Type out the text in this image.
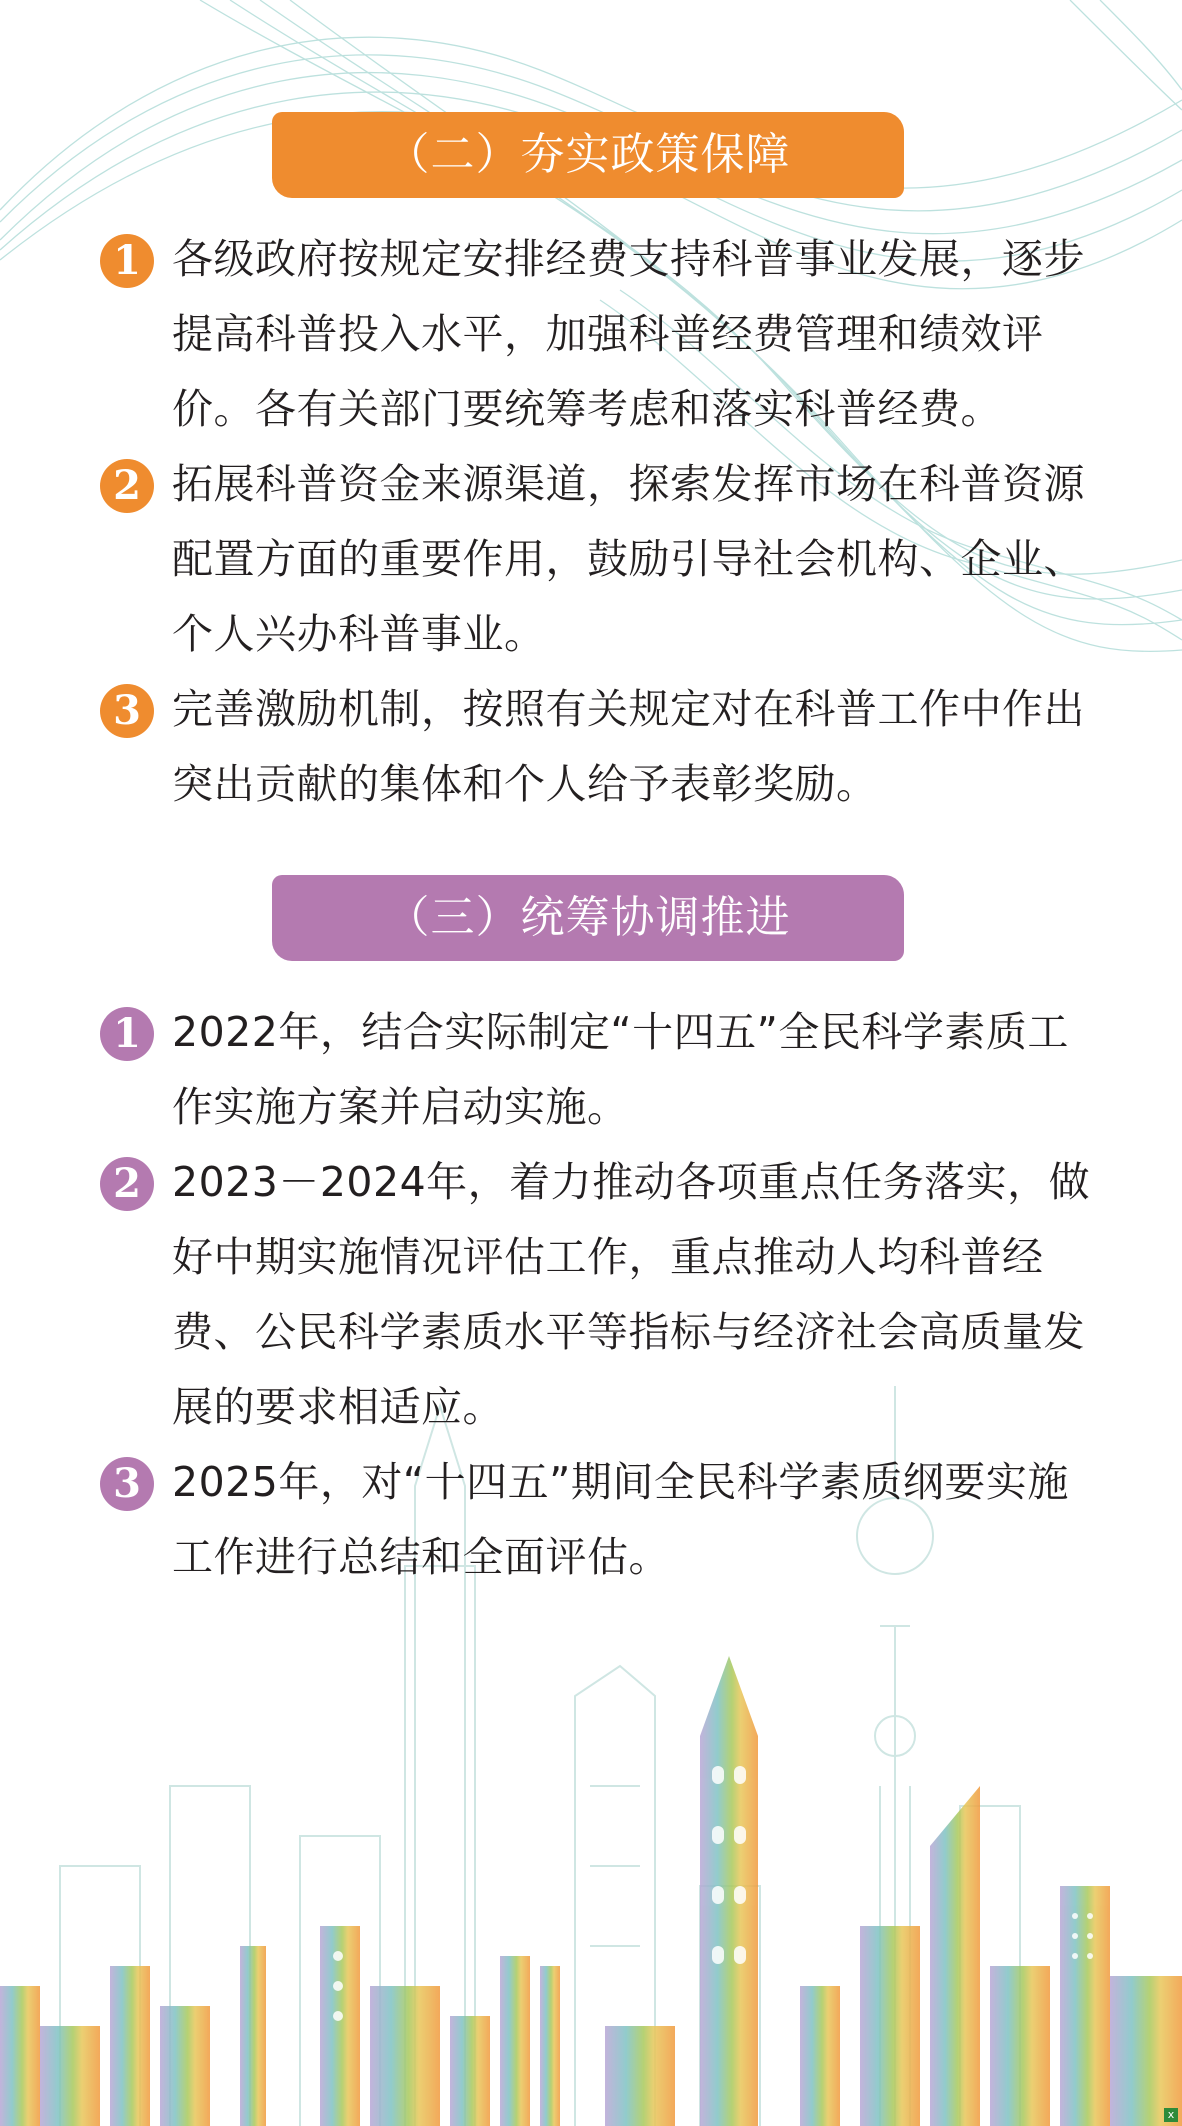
（二）夯实政策保障
1 各级政府按规定安排经费支持科普事业发展，逐步提高科普投入水平，加强科普经费管理和绩效评价。各有关部门要统筹考虑和落实科普经费。
2 拓展科普资金来源渠道，探索发挥市场在科普资源配置方面的重要作用，鼓励引导社会机构、企业、个人兴办科普事业。
3 完善激励机制，按照有关规定对在科普工作中作出突出贡献的集体和个人给予表彰奖励。
（三）统筹协调推进
1 2022年，结合实际制定“十四五”全民科学素质工作实施方案并启动实施。
2 2023－2024年，着力推动各项重点任务落实，做好中期实施情况评估工作，重点推动人均科普经费、公民科学素质水平等指标与经济社会高质量发展的要求相适应。
3 2025年，对“十四五”期间全民科学素质纲要实施工作进行总结和全面评估。
x
